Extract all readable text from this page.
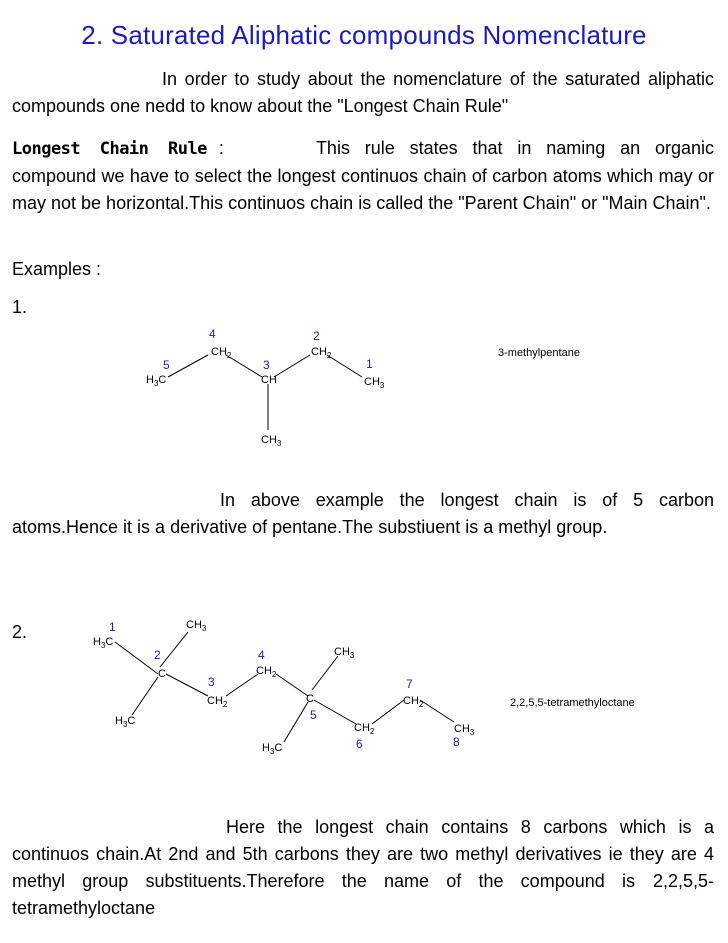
2. Saturated Aliphatic compounds Nomenclature
In order to study about the nomenclature of the saturated aliphatic compounds one nedd to know about the "Longest Chain Rule"
Longest Chain Rule :	This rule states that in naming an organic compound we have to select the longest continuos chain of carbon atoms which may or may not be horizontal.This continuos chain is called the "Parent Chain" or "Main Chain".
Examples :
1.
1
2
3
4
5
$H_3C$
$CH_2$
CH
$CH_2$
$CH_3$
$CH_3$
3-methylpentane
In above example the longest chain is of 5 carbon atoms.Hence it is a derivative of pentane.The substiuent is a methyl group.
2.	1
2
3
4
5
6
7
8
$H_3C$
$CH_3$
C
$H_3C$
$CH_2$
$CH_2$
$CH_3$
C
$H_3C$
$CH_2$
$CH_2$
$CH_3$
2,2,5,5-tetramethyloctane
Here the longest chain contains 8 carbons which is a continuos chain.At 2nd and 5th carbons they are two methyl derivatives ie they are 4 methyl group substituents.Therefore the name of the compound is 2,2,5,5-tetramethyloctane
